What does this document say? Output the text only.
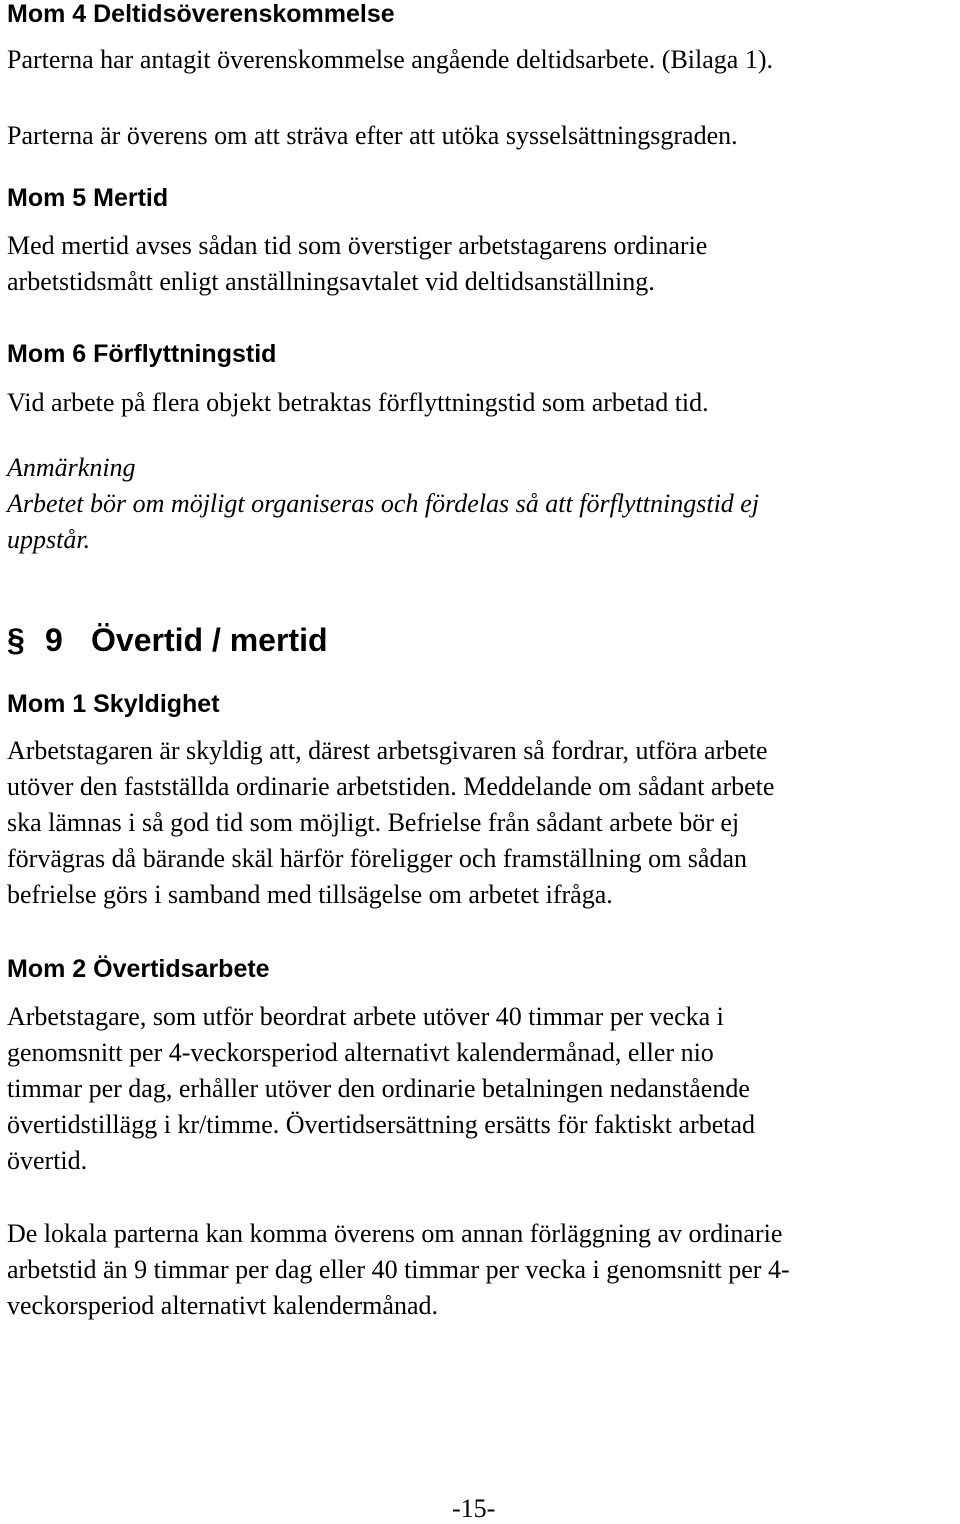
Mom 4 Deltidsöverenskommelse
Parterna har antagit överenskommelse angående deltidsarbete. (Bilaga 1).
Parterna är överens om att sträva efter att utöka sysselsättningsgraden.
Mom 5 Mertid
Med mertid avses sådan tid som överstiger arbetstagarens ordinarie
arbetstidsmått enligt anställningsavtalet vid deltidsanställning.
Mom 6 Förflyttningstid
Vid arbete på flera objekt betraktas förflyttningstid som arbetad tid.
Anmärkning
Arbetet bör om möjligt organiseras och fördelas så att förflyttningstid ej
uppstår.
§ 9 Övertid / mertid
Mom 1 Skyldighet
Arbetstagaren är skyldig att, därest arbetsgivaren så fordrar, utföra arbete
utöver den fastställda ordinarie arbetstiden. Meddelande om sådant arbete
ska lämnas i så god tid som möjligt. Befrielse från sådant arbete bör ej
förvägras då bärande skäl härför föreligger och framställning om sådan
befrielse görs i samband med tillsägelse om arbetet ifråga.
Mom 2 Övertidsarbete
Arbetstagare, som utför beordrat arbete utöver 40 timmar per vecka i
genomsnitt per 4-veckorsperiod alternativt kalendermånad, eller nio
timmar per dag, erhåller utöver den ordinarie betalningen nedanstående
övertidstillägg i kr/timme. Övertidsersättning ersätts för faktiskt arbetad
övertid.
De lokala parterna kan komma överens om annan förläggning av ordinarie
arbetstid än 9 timmar per dag eller 40 timmar per vecka i genomsnitt per 4-
veckorsperiod alternativt kalendermånad.
-15-
